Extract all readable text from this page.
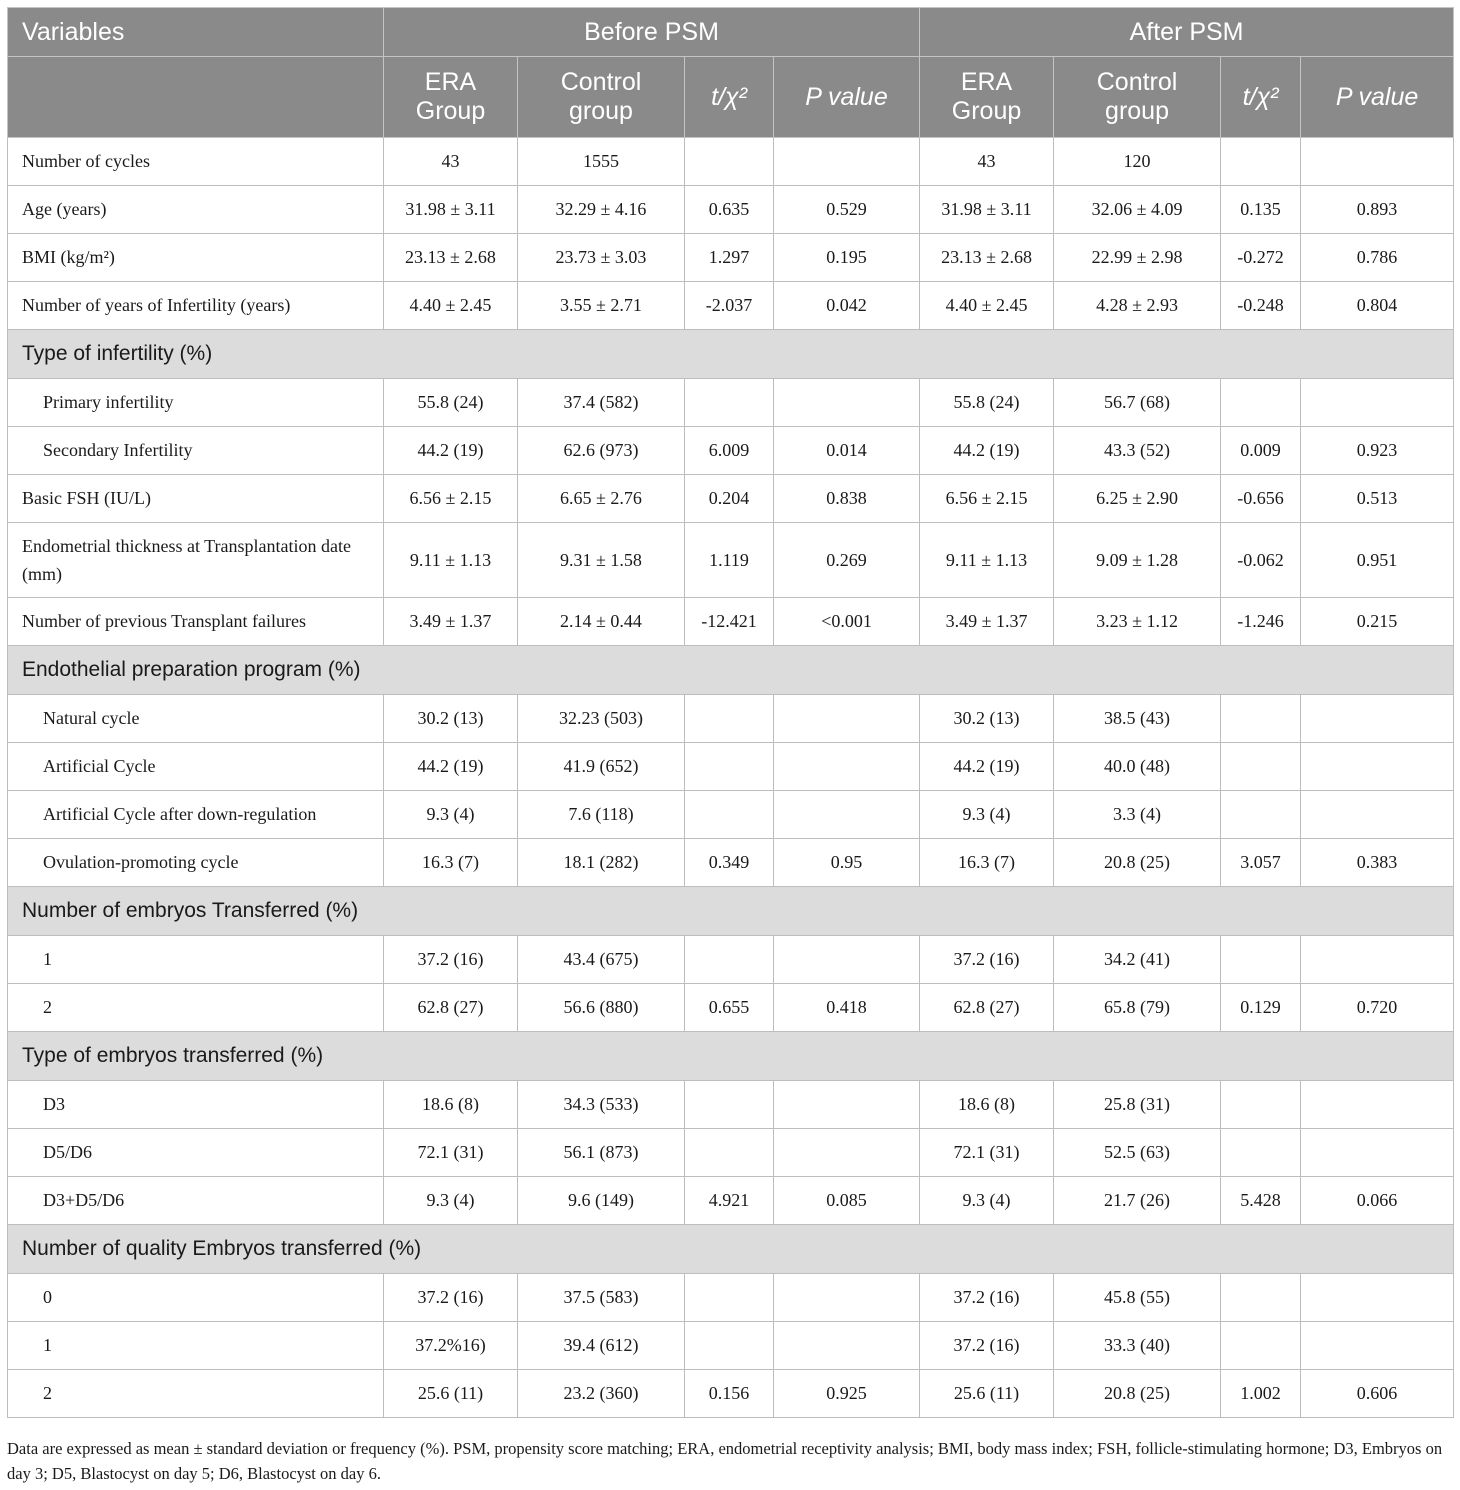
Variables	Before PSM				After PSM			
	ERA Group	Control group	t/χ²	P value	ERA Group	Control group	t/χ²	P value
Number of cycles	43	1555			43	120		
Age (years)	31.98 ± 3.11	32.29 ± 4.16	0.635	0.529	31.98 ± 3.11	32.06 ± 4.09	0.135	0.893
BMI (kg/m²)	23.13 ± 2.68	23.73 ± 3.03	1.297	0.195	23.13 ± 2.68	22.99 ± 2.98	-0.272	0.786
Number of years of Infertility (years)	4.40 ± 2.45	3.55 ± 2.71	-2.037	0.042	4.40 ± 2.45	4.28 ± 2.93	-0.248	0.804
Type of infertility (%)								
Primary infertility	55.8 (24)	37.4 (582)			55.8 (24)	56.7 (68)		
Secondary Infertility	44.2 (19)	62.6 (973)	6.009	0.014	44.2 (19)	43.3 (52)	0.009	0.923
Basic FSH (IU/L)	6.56 ± 2.15	6.65 ± 2.76	0.204	0.838	6.56 ± 2.15	6.25 ± 2.90	-0.656	0.513
Endometrial thickness at Transplantation date (mm)	9.11 ± 1.13	9.31 ± 1.58	1.119	0.269	9.11 ± 1.13	9.09 ± 1.28	-0.062	0.951
Number of previous Transplant failures	3.49 ± 1.37	2.14 ± 0.44	-12.421	<0.001	3.49 ± 1.37	3.23 ± 1.12	-1.246	0.215
Endothelial preparation program (%)								
Natural cycle	30.2 (13)	32.23 (503)			30.2 (13)	38.5 (43)		
Artificial Cycle	44.2 (19)	41.9 (652)			44.2 (19)	40.0 (48)		
Artificial Cycle after down-regulation	9.3 (4)	7.6 (118)			9.3 (4)	3.3 (4)		
Ovulation-promoting cycle	16.3 (7)	18.1 (282)	0.349	0.95	16.3 (7)	20.8 (25)	3.057	0.383
Number of embryos Transferred (%)								
1	37.2 (16)	43.4 (675)			37.2 (16)	34.2 (41)		
2	62.8 (27)	56.6 (880)	0.655	0.418	62.8 (27)	65.8 (79)	0.129	0.720
Type of embryos transferred (%)								
D3	18.6 (8)	34.3 (533)			18.6 (8)	25.8 (31)		
D5/D6	72.1 (31)	56.1 (873)			72.1 (31)	52.5 (63)		
D3+D5/D6	9.3 (4)	9.6 (149)	4.921	0.085	9.3 (4)	21.7 (26)	5.428	0.066
Number of quality Embryos transferred (%)								
0	37.2 (16)	37.5 (583)			37.2 (16)	45.8 (55)		
1	37.2%16)	39.4 (612)			37.2 (16)	33.3 (40)		
2	25.6 (11)	23.2 (360)	0.156	0.925	25.6 (11)	20.8 (25)	1.002	0.606
Data are expressed as mean ± standard deviation or frequency (%). PSM, propensity score matching; ERA, endometrial receptivity analysis; BMI, body mass index; FSH, follicle-stimulating hormone; D3, Embryos on day 3; D5, Blastocyst on day 5; D6, Blastocyst on day 6.
